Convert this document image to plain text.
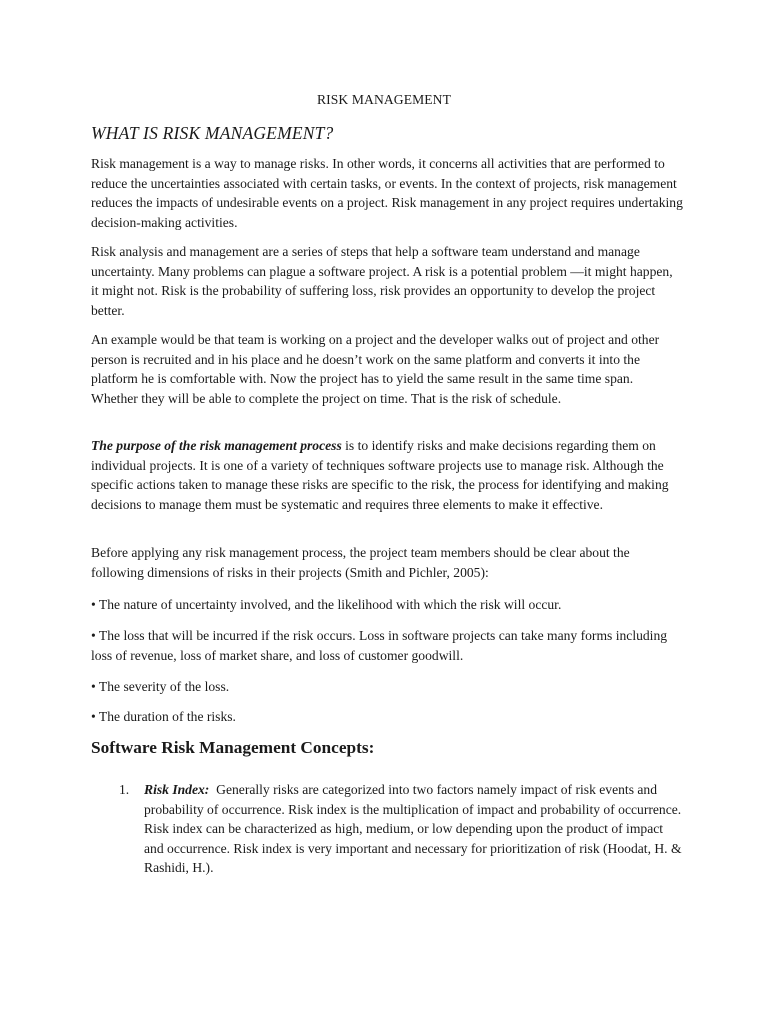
RISK MANAGEMENT
WHAT IS RISK MANAGEMENT?

Risk management is a way to manage risks. In other words, it concerns all activities that are performed to reduce the uncertainties associated with certain tasks, or events. In the context of projects, risk management reduces the impacts of undesirable events on a project. Risk management in any project requires undertaking decision-making activities.

Risk analysis and management are a series of steps that help a software team understand and manage uncertainty. Many problems can plague a software project. A risk is a potential problem —it might happen, it might not. Risk is the probability of suffering loss, risk provides an opportunity to develop the project better.

An example would be that team is working on a project and the developer walks out of project and other person is recruited and in his place and he doesn’t work on the same platform and converts it into the platform he is comfortable with. Now the project has to yield the same result in the same time span. Whether they will be able to complete the project on time. That is the risk of schedule.

The purpose of the risk management process is to identify risks and make decisions regarding them on individual projects. It is one of a variety of techniques software projects use to manage risk. Although the specific actions taken to manage these risks are specific to the risk, the process for identifying and making decisions to manage them must be systematic and requires three elements to make it effective.

Before applying any risk management process, the project team members should be clear about the following dimensions of risks in their projects (Smith and Pichler, 2005):

• The nature of uncertainty involved, and the likelihood with which the risk will occur.

• The loss that will be incurred if the risk occurs. Loss in software projects can take many forms including loss of revenue, loss of market share, and loss of customer goodwill.

• The severity of the loss.

• The duration of the risks.

Software Risk Management Concepts:
1. Risk Index:  Generally risks are categorized into two factors namely impact of risk events and probability of occurrence. Risk index is the multiplication of impact and probability of occurrence. Risk index can be characterized as high, medium, or low depending upon the product of impact and occurrence. Risk index is very important and necessary for prioritization of risk (Hoodat, H. & Rashidi, H.).
